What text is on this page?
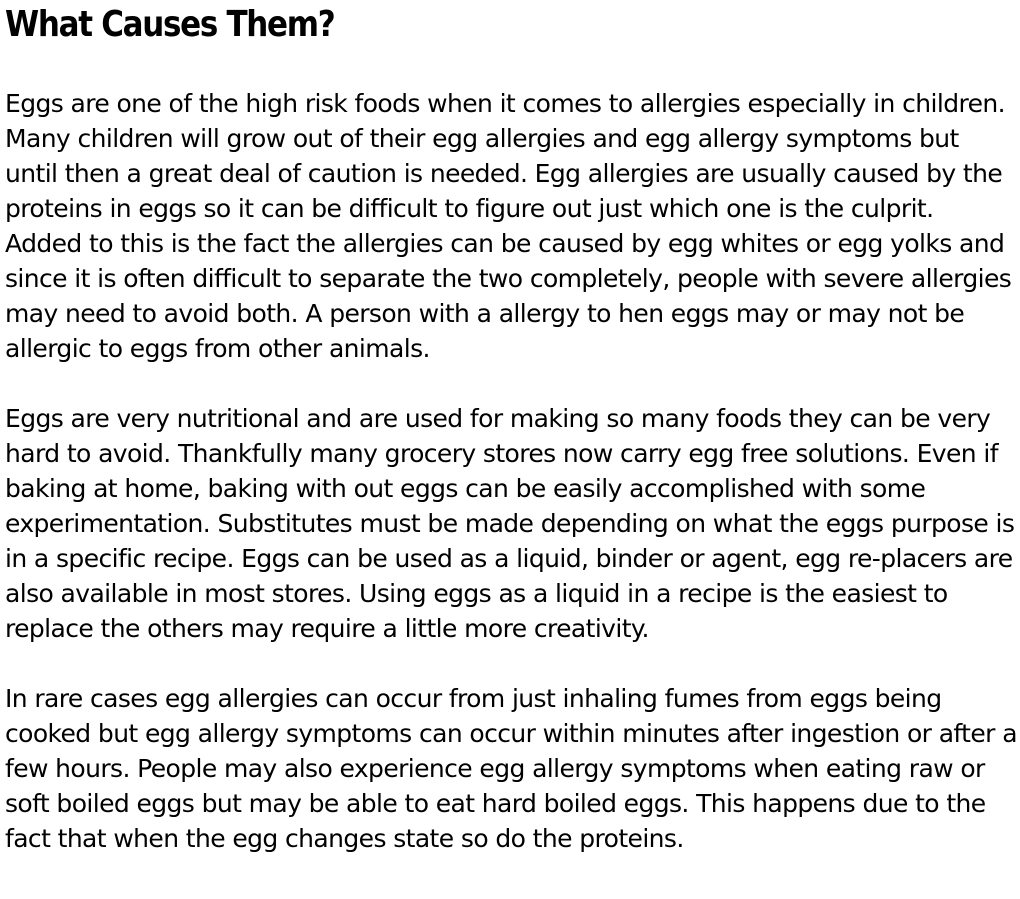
What Causes Them?

Eggs are one of the high risk foods when it comes to allergies especially in children. Many children will grow out of their egg allergies and egg allergy symptoms but until then a great deal of caution is needed. Egg allergies are usually caused by the proteins in eggs so it can be difficult to figure out just which one is the culprit. Added to this is the fact the allergies can be caused by egg whites or egg yolks and since it is often difficult to separate the two completely, people with severe allergies may need to avoid both. A person with a allergy to hen eggs may or may not be allergic to eggs from other animals.

Eggs are very nutritional and are used for making so many foods they can be very hard to avoid. Thankfully many grocery stores now carry egg free solutions. Even if baking at home, baking with out eggs can be easily accomplished with some experimentation. Substitutes must be made depending on what the eggs purpose is in a specific recipe. Eggs can be used as a liquid, binder or agent, egg re-placers are also available in most stores. Using eggs as a liquid in a recipe is the easiest to replace the others may require a little more creativity.

In rare cases egg allergies can occur from just inhaling fumes from eggs being cooked but egg allergy symptoms can occur within minutes after ingestion or after a few hours. People may also experience egg allergy symptoms when eating raw or soft boiled eggs but may be able to eat hard boiled eggs. This happens due to the fact that when the egg changes state so do the proteins.
